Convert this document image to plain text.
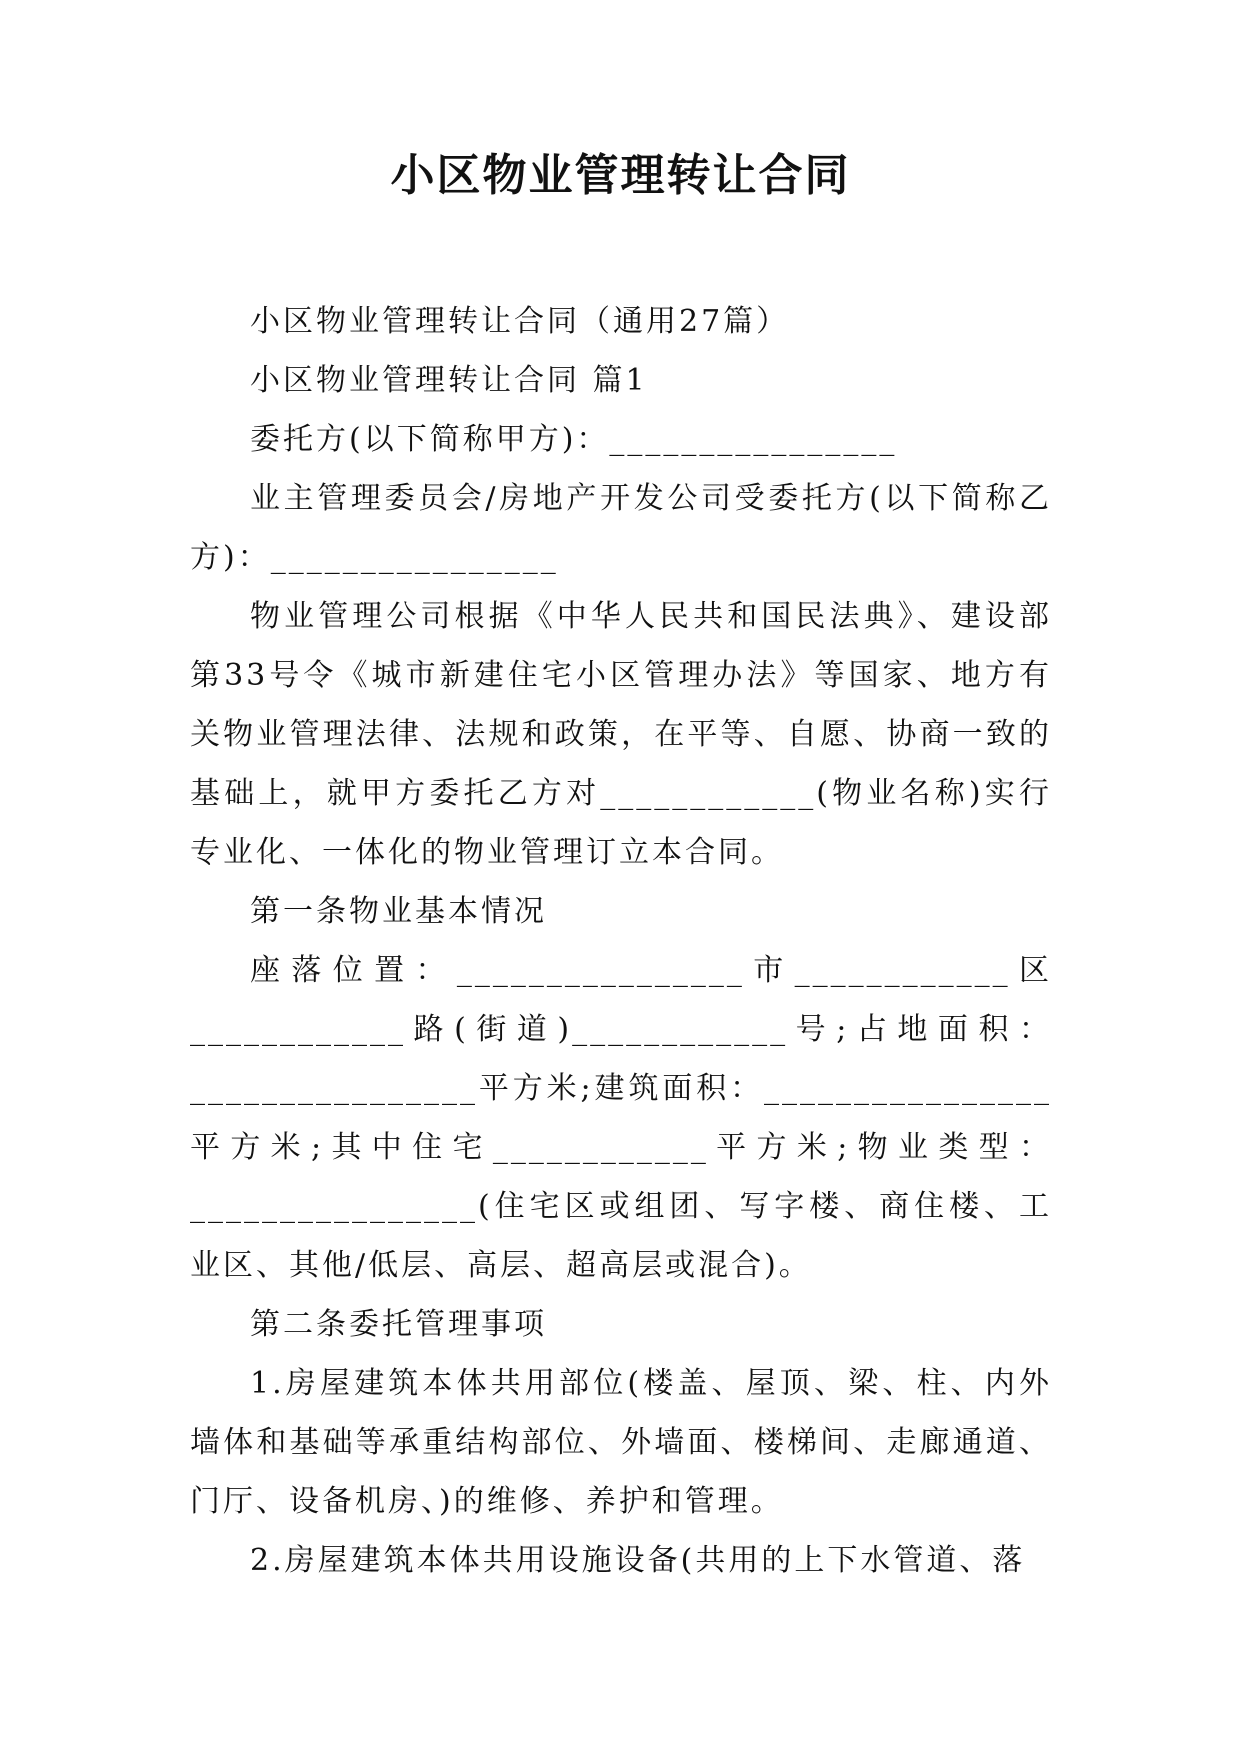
小区物业管理转让合同

小区物业管理转让合同（通用27篇）

小区物业管理转让合同 篇1

委托方(以下简称甲方)：________________

业主管理委员会/房地产开发公司受委托方(以下简称乙方)：________________

物业管理公司根据《中华人民共和国民法典》、建设部第33号令《城市新建住宅小区管理办法》等国家、地方有关物业管理法律、法规和政策，在平等、自愿、协商一致的基础上，就甲方委托乙方对____________(物业名称)实行专业化、一体化的物业管理订立本合同。

第一条物业基本情况

座落位置：________________市____________区____________路(街道)____________号;占地面积：________________平方米;建筑面积：________________平方米;其中住宅____________平方米;物业类型：________________(住宅区或组团、写字楼、商住楼、工业区、其他/低层、高层、超高层或混合)。

第二条委托管理事项

1.房屋建筑本体共用部位(楼盖、屋顶、梁、柱、内外墙体和基础等承重结构部位、外墙面、楼梯间、走廊通道、门厅、设备机房、)的维修、养护和管理。

2.房屋建筑本体共用设施设备(共用的上下水管道、落
